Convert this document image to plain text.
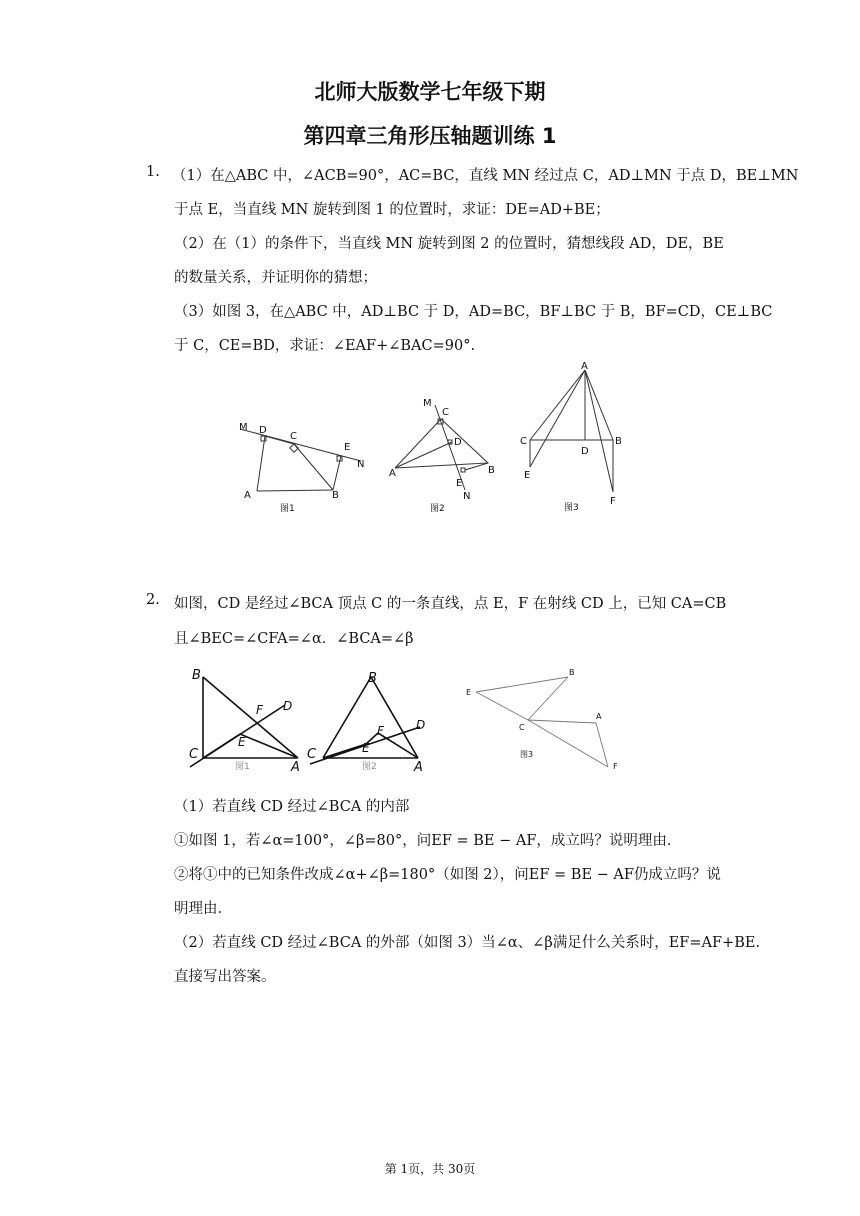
北师大版数学七年级下期
第四章三角形压轴题训练 1
1. （1）在△ABC 中，∠ACB=90°，AC=BC，直线 MN 经过点 C，AD⊥MN 于点 D，BE⊥MN
于点 E，当直线 MN 旋转到图 1 的位置时，求证：DE=AD+BE；
（2）在（1）的条件下，当直线 MN 旋转到图 2 的位置时，猜想线段 AD，DE，BE
的数量关系，并证明你的猜想；
（3）如图 3，在△ABC 中，AD⊥BC 于 D，AD=BC，BF⊥BC 于 B，BF=CD，CE⊥BC
于 C，CE=BD，求证：∠EAF+∠BAC=90°.
M D
C
E
N
A	B
图1
M
C
D
A	B
E
N
图2
A
C
D
B
E
F
图3
2. 如图，CD 是经过∠BCA 顶点 C 的一条直线，点 E，F 在射线 CD 上，已知 CA=CB
且∠BEC=∠CFA=∠α．∠BCA=∠β
B
F D
E
C
A
图1
B
D
F
E
C
A
图2
B
E
A
C
F
图3
（1）若直线 CD 经过∠BCA 的内部
①如图 1，若∠α=100°，∠β=80°，问EF = BE − AF，成立吗？说明理由．
②将①中的已知条件改成∠α+∠β=180°（如图 2），问EF = BE − AF仍成立吗？说
明理由．
（2）若直线 CD 经过∠BCA 的外部（如图 3）当∠α、∠β满足什么关系时，EF=AF+BE.
直接写出答案。
第 1页，共 30页
